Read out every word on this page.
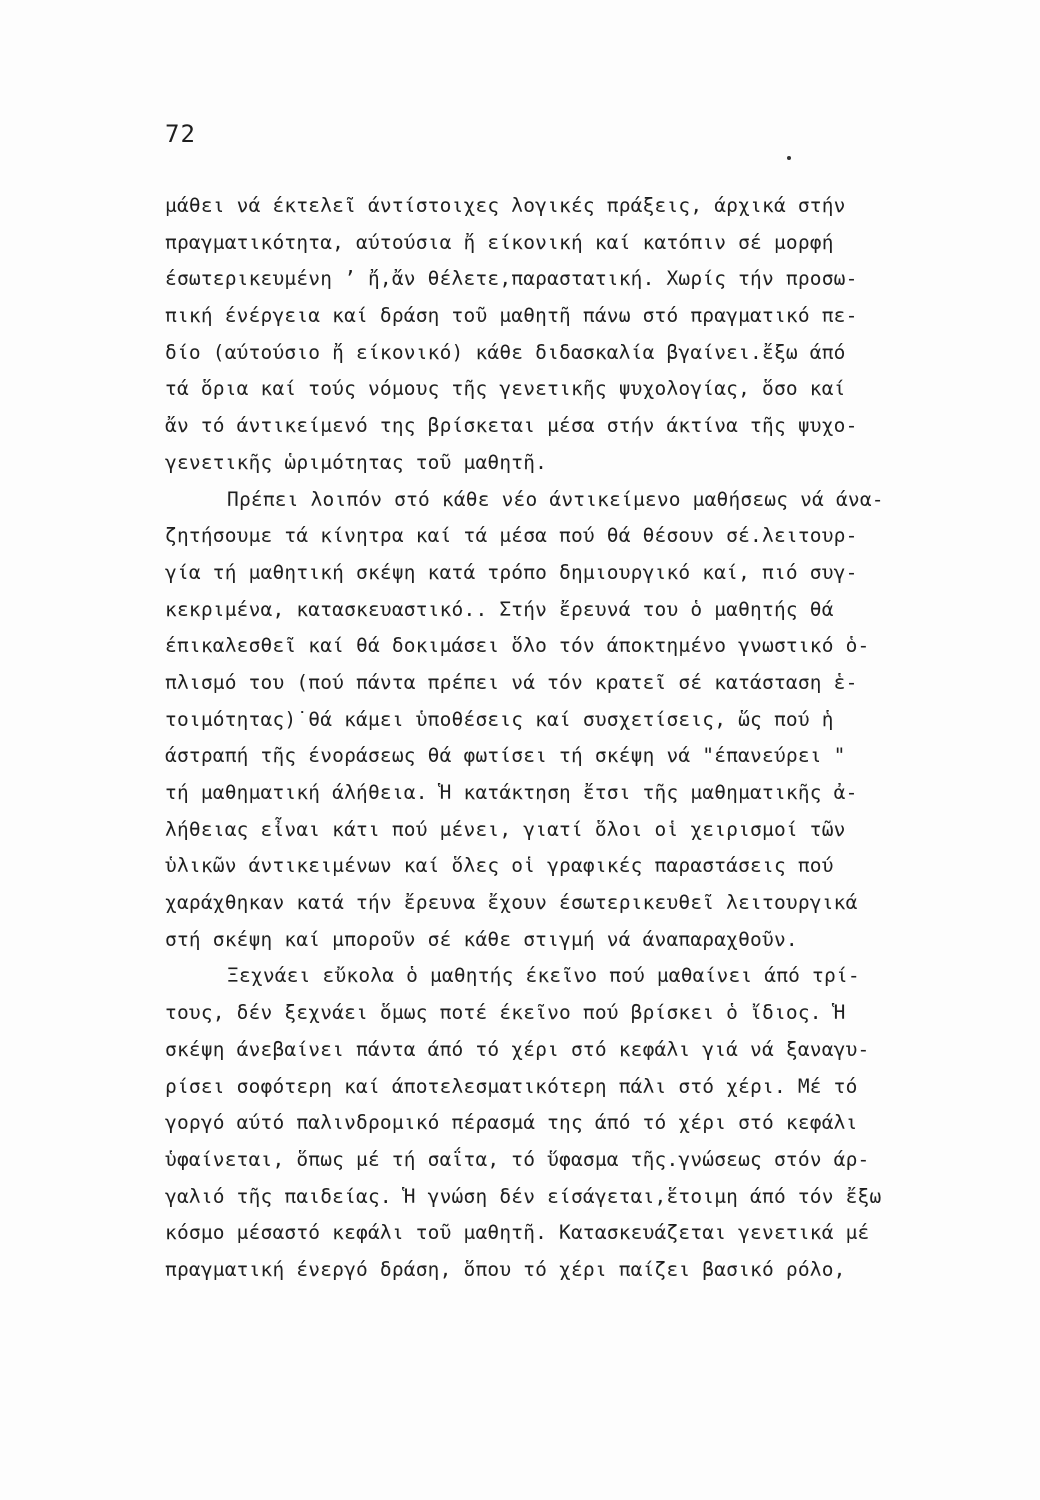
72
μάθει νά έκτελεῖ άντίστοιχες λογικές πράξεις, άρχικά στήν
πραγματικότητα, αύτούσια ἤ είκονική καί κατόπιν σέ μορφή
έσωτερικευμένη ’ ἤ,ἄν θέλετε,παραστατική. Χωρίς τήν προσω-
πική ένέργεια καί δράση τοῦ μαθητῆ πάνω στό πραγματικό πε-
δίο (αύτούσιο ἤ είκονικό) κάθε διδασκαλία βγαίνει.ἔξω άπό
τά ὅρια καί τούς νόμους τῆς γενετικῆς ψυχολογίας, ὅσο καί
ἄν τό άντικείμενό της βρίσκεται μέσα στήν άκτίνα τῆς ψυχο-
γενετικῆς ὡριμότητας τοῦ μαθητῆ.
Πρέπει λοιπόν στό κάθε νέο άντικείμενο μαθήσεως νά άνα-
ζητήσουμε τά κίνητρα καί τά μέσα πού θά θέσουν σέ.λειτουρ-
γία τή μαθητική σκέψη κατά τρόπο δημιουργικό καί, πιό συγ-
κεκριμένα, κατασκευαστικό.. Στήν ἔρευνά του ὁ μαθητής θά
έπικαλεσθεῖ καί θά δοκιμάσει ὅλο τόν άποκτημένο γνωστικό ὁ-
πλισμό του (πού πάντα πρέπει νά τόν κρατεῖ σέ κατάσταση ἑ-
τοιμότητας)˙θά κάμει ὑποθέσεις καί συσχετίσεις, ὥς πού ἡ
άστραπή τῆς ένοράσεως θά φωτίσει τή σκέψη νά "έπανεύρει "
τή μαθηματική άλήθεια. Ἡ κατάκτηση ἔτσι τῆς μαθηματικῆς ἀ-
λήθειας εἶναι κάτι πού μένει, γιατί ὅλοι οἱ χειρισμοί τῶν
ὑλικῶν άντικειμένων καί ὅλες οἱ γραφικές παραστάσεις πού
χαράχθηκαν κατά τήν ἔρευνα ἔχουν έσωτερικευθεῖ λειτουργικά
στή σκέψη καί μποροῦν σέ κάθε στιγμή νά άναπαραχθοῦν.
Ξεχνάει εὔκολα ὁ μαθητής έκεῖνο πού μαθαίνει άπό τρί-
τους, δέν ξεχνάει ὅμως ποτέ έκεῖνο πού βρίσκει ὁ ἴδιος. Ἡ
σκέψη άνεβαίνει πάντα άπό τό χέρι στό κεφάλι γιά νά ξαναγυ-
ρίσει σοφότερη καί άποτελεσματικότερη πάλι στό χέρι. Μέ τό
γοργό αύτό παλινδρομικό πέρασμά της άπό τό χέρι στό κεφάλι
ὑφαίνεται, ὅπως μέ τή σαΐτα, τό ὕφασμα τῆς.γνώσεως στόν άρ-
γαλιό τῆς παιδείας. Ἡ γνώση δέν είσάγεται,ἕτοιμη άπό τόν ἔξω
κόσμο μέσαστό κεφάλι τοῦ μαθητῆ. Κατασκευάζεται γενετικά μέ
πραγματική ένεργό δράση, ὅπου τό χέρι παίζει βασικό ρόλο,
